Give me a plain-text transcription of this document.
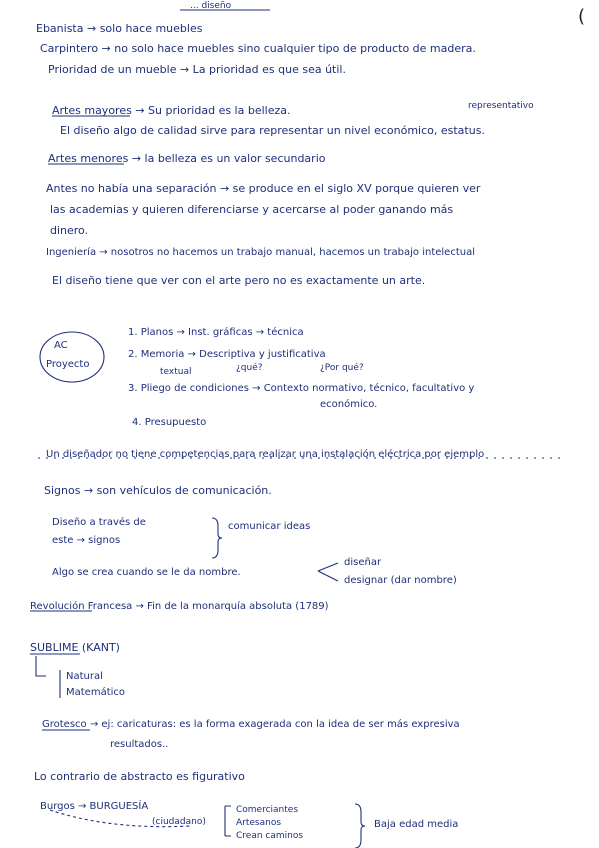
(
... diseño
Ebanista → solo hace muebles
Carpintero → no solo hace muebles sino cualquier tipo de producto de madera.
Prioridad de un mueble → La prioridad es que sea útil.
Artes mayores → Su prioridad es la belleza.	representativo
El diseño algo de calidad sirve para representar un nivel económico, estatus.
Artes menores → la belleza es un valor secundario
Antes no había una separación → se produce en el siglo XV porque quieren ver
las academias y quieren diferenciarse y acercarse al poder ganando más
dinero.
Ingeniería → nosotros no hacemos un trabajo manual, hacemos un trabajo intelectual
El diseño tiene que ver con el arte pero no es exactamente un arte.
AC
Proyecto
1. Planos → Inst. gráficas → técnica
2. Memoria → Descriptiva y justificativa
textual	¿qué?	¿Por qué?
3. Pliego de condiciones → Contexto normativo, técnico, facultativo y
económico.
4. Presupuesto
Un diseñador no tiene competencias para realizar una instalación eléctrica por ejemplo
Signos → son vehículos de comunicación.
Diseño a través de
este → signos
comunicar ideas
Algo se crea cuando se le da nombre.
diseñar
designar (dar nombre)
Revolución Francesa → Fin de la monarquía absoluta (1789)
SUBLIME (KANT)
Natural
Matemático
Grotesco → ej: caricaturas: es la forma exagerada con la idea de ser más expresiva
resultados..
Lo contrario de abstracto es figurativo
Burgos → BURGUESÍA
(ciudadano)
Comerciantes
Artesanos
Crean caminos
Baja edad media
